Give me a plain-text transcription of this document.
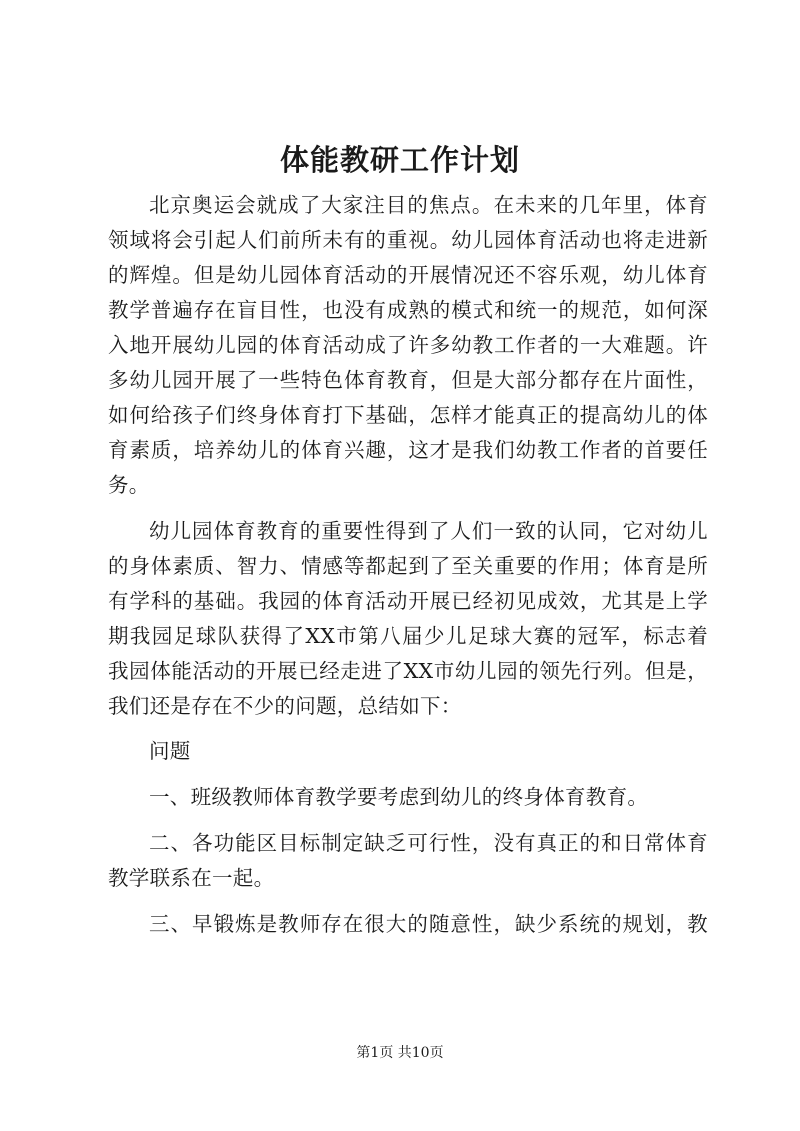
体能教研工作计划

北京奥运会就成了大家注目的焦点。在未来的几年里，体育

领域将会引起人们前所未有的重视。幼儿园体育活动也将走进新

的辉煌。但是幼儿园体育活动的开展情况还不容乐观，幼儿体育

教学普遍存在盲目性，也没有成熟的模式和统一的规范，如何深

入地开展幼儿园的体育活动成了许多幼教工作者的一大难题。许

多幼儿园开展了一些特色体育教育，但是大部分都存在片面性，

如何给孩子们终身体育打下基础，怎样才能真正的提高幼儿的体

育素质，培养幼儿的体育兴趣，这才是我们幼教工作者的首要任

务。

幼儿园体育教育的重要性得到了人们一致的认同，它对幼儿

的身体素质、智力、情感等都起到了至关重要的作用；体育是所

有学科的基础。我园的体育活动开展已经初见成效，尤其是上学

期我园足球队获得了XX市第八届少儿足球大赛的冠军，标志着

我园体能活动的开展已经走进了XX市幼儿园的领先行列。但是，

我们还是存在不少的问题，总结如下：

问题

一、班级教师体育教学要考虑到幼儿的终身体育教育。

二、各功能区目标制定缺乏可行性，没有真正的和日常体育

教学联系在一起。

三、早锻炼是教师存在很大的随意性，缺少系统的规划，教

第1页 共10页
